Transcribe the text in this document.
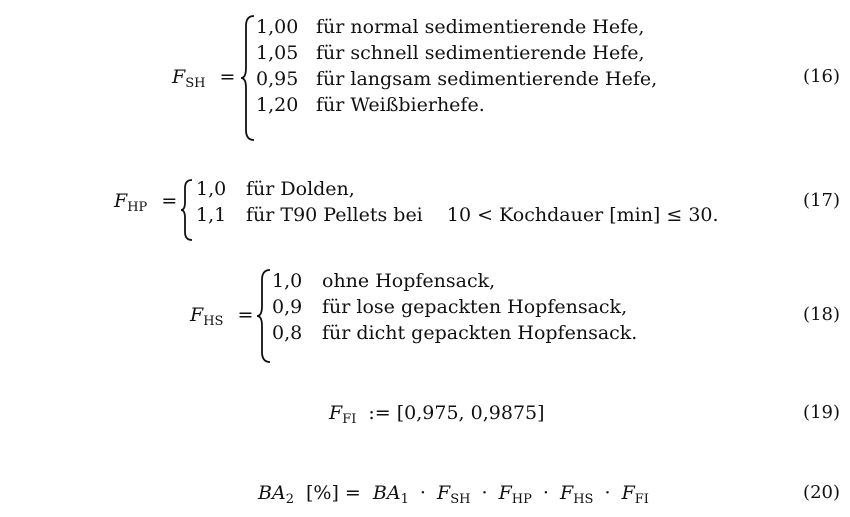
$F_{SH}$ =
1,00 für normal sedimentierende Hefe,
1,05 für schnell sedimentierende Hefe,
0,95 für langsam sedimentierende Hefe,
1,20 für Weißbierhefe.
(16)
$F_{HP}$ =
1,0 für Dolden,
1,1 für T90 Pellets bei    10 < Kochdauer [min] ≤ 30.
(17)
$F_{HS}$ =
1,0 ohne Hopfensack,
0,9 für lose gepackten Hopfensack,
0,8 für dicht gepackten Hopfensack.
(18)
$F_{FI}$ := [0,975, 0,9875]	(19)
$BA_2$ [%] = $BA_1 \cdot F_{SH} \cdot F_{HP} \cdot F_{HS} \cdot F_{FI}$	(20)
